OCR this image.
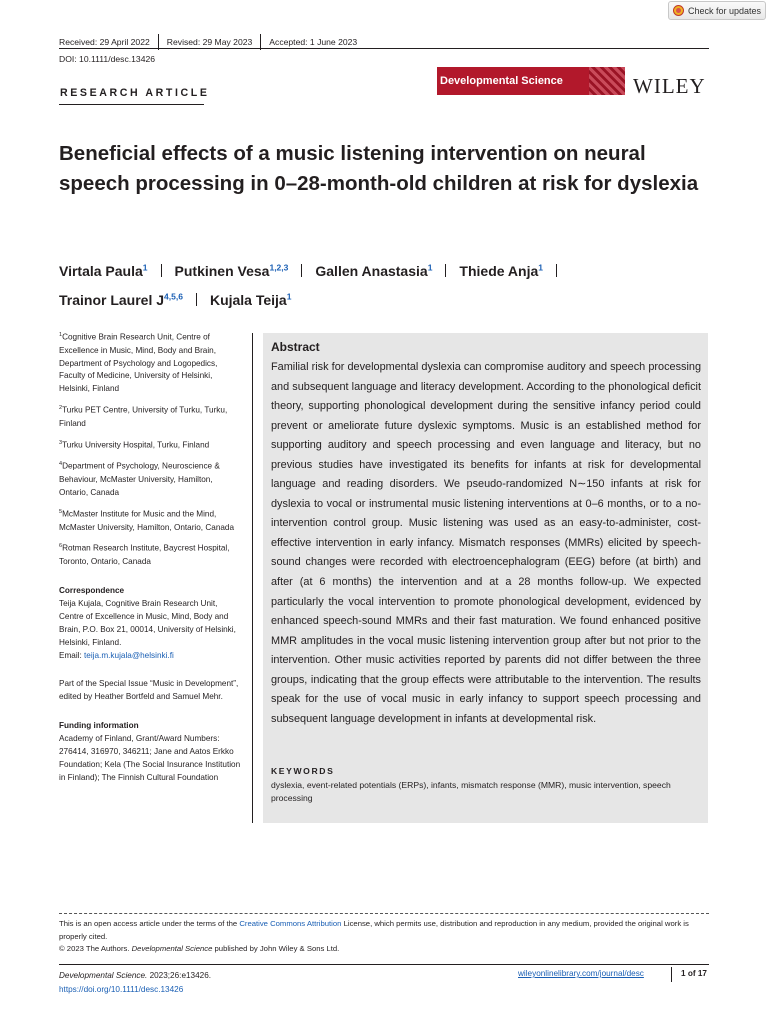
Check for updates
Received: 29 April 2022	Revised: 29 May 2023	Accepted: 1 June 2023
DOI: 10.1111/desc.13426
Developmental Science	WILEY
RESEARCH ARTICLE
Beneficial effects of a music listening intervention on neural speech processing in 0–28-month-old children at risk for dyslexia
Virtala Paula$^1$ Putkinen Vesa$^{1,2,3}$ Gallen Anastasia$^1$ Thiede Anja$^1$
Trainor Laurel J$^{4,5,6}$ Kujala Teija$^1$

$^1$Cognitive Brain Research Unit, Centre of Excellence in Music, Mind, Body and Brain, Department of Psychology and Logopedics, Faculty of Medicine, University of Helsinki, Helsinki, Finland

$^2$Turku PET Centre, University of Turku, Turku, Finland

$^3$Turku University Hospital, Turku, Finland

$^4$Department of Psychology, Neuroscience & Behaviour, McMaster University, Hamilton, Ontario, Canada

$^5$McMaster Institute for Music and the Mind, McMaster University, Hamilton, Ontario, Canada

$^6$Rotman Research Institute, Baycrest Hospital, Toronto, Ontario, Canada

Correspondence
Teija Kujala, Cognitive Brain Research Unit, Centre of Excellence in Music, Mind, Body and Brain, P.O. Box 21, 00014, University of Helsinki, Helsinki, Finland.
Email: teija.m.kujala@helsinki.fi

Part of the Special Issue “Music in Development”, edited by Heather Bortfeld and Samuel Mehr.

Funding information
Academy of Finland, Grant/Award Numbers: 276414, 316970, 346211; Jane and Aatos Erkko Foundation; Kela (The Social Insurance Institution in Finland); The Finnish Cultural Foundation

Abstract
Familial risk for developmental dyslexia can compromise auditory and speech processing and subsequent language and literacy development. According to the phonological deficit theory, supporting phonological development during the sensitive infancy period could prevent or ameliorate future dyslexic symptoms. Music is an established method for supporting auditory and speech processing and even language and literacy, but no previous studies have investigated its benefits for infants at risk for developmental language and reading disorders. We pseudo-randomized N∼150 infants at risk for dyslexia to vocal or instrumental music listening interventions at 0–6 months, or to a no-intervention control group. Music listening was used as an easy-to-administer, cost-effective intervention in early infancy. Mismatch responses (MMRs) elicited by speech-sound changes were recorded with electroencephalogram (EEG) before (at birth) and after (at 6 months) the intervention and at a 28 months follow-up. We expected particularly the vocal intervention to promote phonological development, evidenced by enhanced speech-sound MMRs and their fast maturation. We found enhanced positive MMR amplitudes in the vocal music listening intervention group after but not prior to the intervention. Other music activities reported by parents did not differ between the three groups, indicating that the group effects were attributable to the intervention. The results speak for the use of vocal music in early infancy to support speech processing and subsequent language development in infants at developmental risk.
KEYWORDS
dyslexia, event-related potentials (ERPs), infants, mismatch response (MMR), music intervention, speech processing
This is an open access article under the terms of the Creative Commons Attribution License, which permits use, distribution and reproduction in any medium, provided the original work is properly cited.
© 2023 The Authors. Developmental Science published by John Wiley & Sons Ltd.
Developmental Science. 2023;26:e13426.
https://doi.org/10.1111/desc.13426
wileyonlinelibrary.com/journal/desc	1 of 17
